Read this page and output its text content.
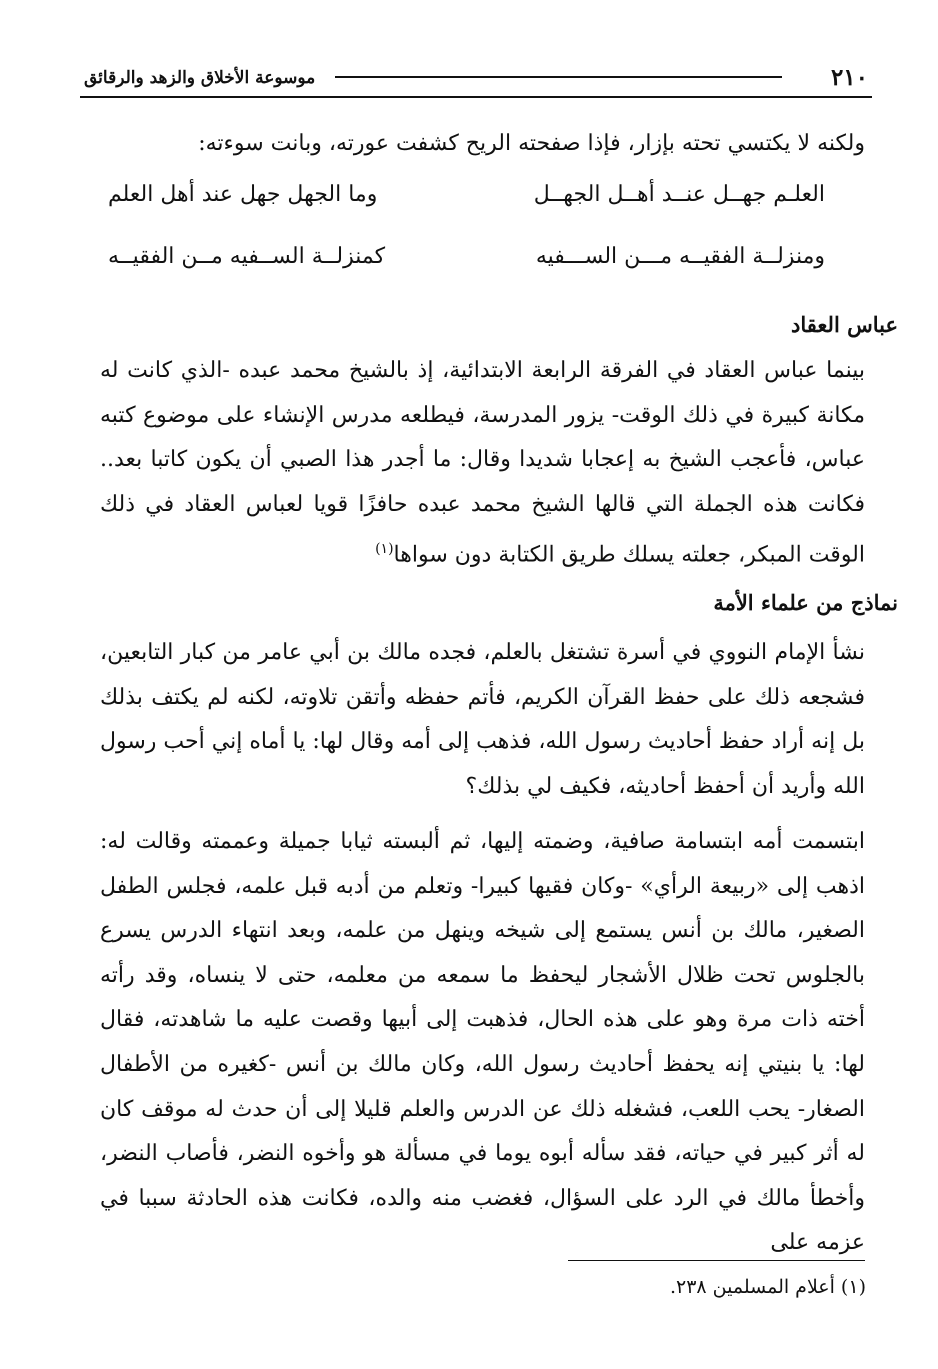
٢١٠
موسوعة الأخلاق والزهد والرقائق

ولكنه لا يكتسي تحته بإزار، فإذا صفحته الريح كشفت عورته، وبانت سوءته:

العلـم جهــل عنــد أهــل الجهــل
وما الجهل جهل عند أهل العلم
ومنزلــة الفقيــه مـــن الســـفيه
كمنزلــة الســفيه مــن الفقيــه
عباس العقاد

بينما عباس العقاد في الفرقة الرابعة الابتدائية، إذ بالشيخ محمد عبده -الذي كانت له مكانة كبيرة في ذلك الوقت- يزور المدرسة، فيطلعه مدرس الإنشاء على موضوع كتبه عباس، فأعجب الشيخ به إعجابا شديدا وقال: ما أجدر هذا الصبي أن يكون كاتبا بعد.. فكانت هذه الجملة التي قالها الشيخ محمد عبده حافزًا قويا لعباس العقاد في ذلك الوقت المبكر، جعلته يسلك طريق الكتابة دون سواها$^{(١)}$

نماذج من علماء الأمة

نشأ الإمام النووي في أسرة تشتغل بالعلم، فجده مالك بن أبي عامر من كبار التابعين، فشجعه ذلك على حفظ القرآن الكريم، فأتم حفظه وأتقن تلاوته، لكنه لم يكتف بذلك بل إنه أراد حفظ أحاديث رسول الله، فذهب إلى أمه وقال لها: يا أماه إني أحب رسول الله وأريد أن أحفظ أحاديثه، فكيف لي بذلك؟

ابتسمت أمه ابتسامة صافية، وضمته إليها، ثم ألبسته ثيابا جميلة وعممته وقالت له: اذهب إلى «ربيعة الرأي» -وكان فقيها كبيرا- وتعلم من أدبه قبل علمه، فجلس الطفل الصغير، مالك بن أنس يستمع إلى شيخه وينهل من علمه، وبعد انتهاء الدرس يسرع بالجلوس تحت ظلال الأشجار ليحفظ ما سمعه من معلمه، حتى لا ينساه، وقد رأته أخته ذات مرة وهو على هذه الحال، فذهبت إلى أبيها وقصت عليه ما شاهدته، فقال لها: يا بنيتي إنه يحفظ أحاديث رسول الله، وكان مالك بن أنس -كغيره من الأطفال الصغار- يحب اللعب، فشغله ذلك عن الدرس والعلم قليلا إلى أن حدث له موقف كان له أثر كبير في حياته، فقد سأله أبوه يوما في مسألة هو وأخوه النضر، فأصاب النضر، وأخطأ مالك في الرد على السؤال، فغضب منه والده، فكانت هذه الحادثة سببا في عزمه على

(١) أعلام المسلمين ٢٣٨.
